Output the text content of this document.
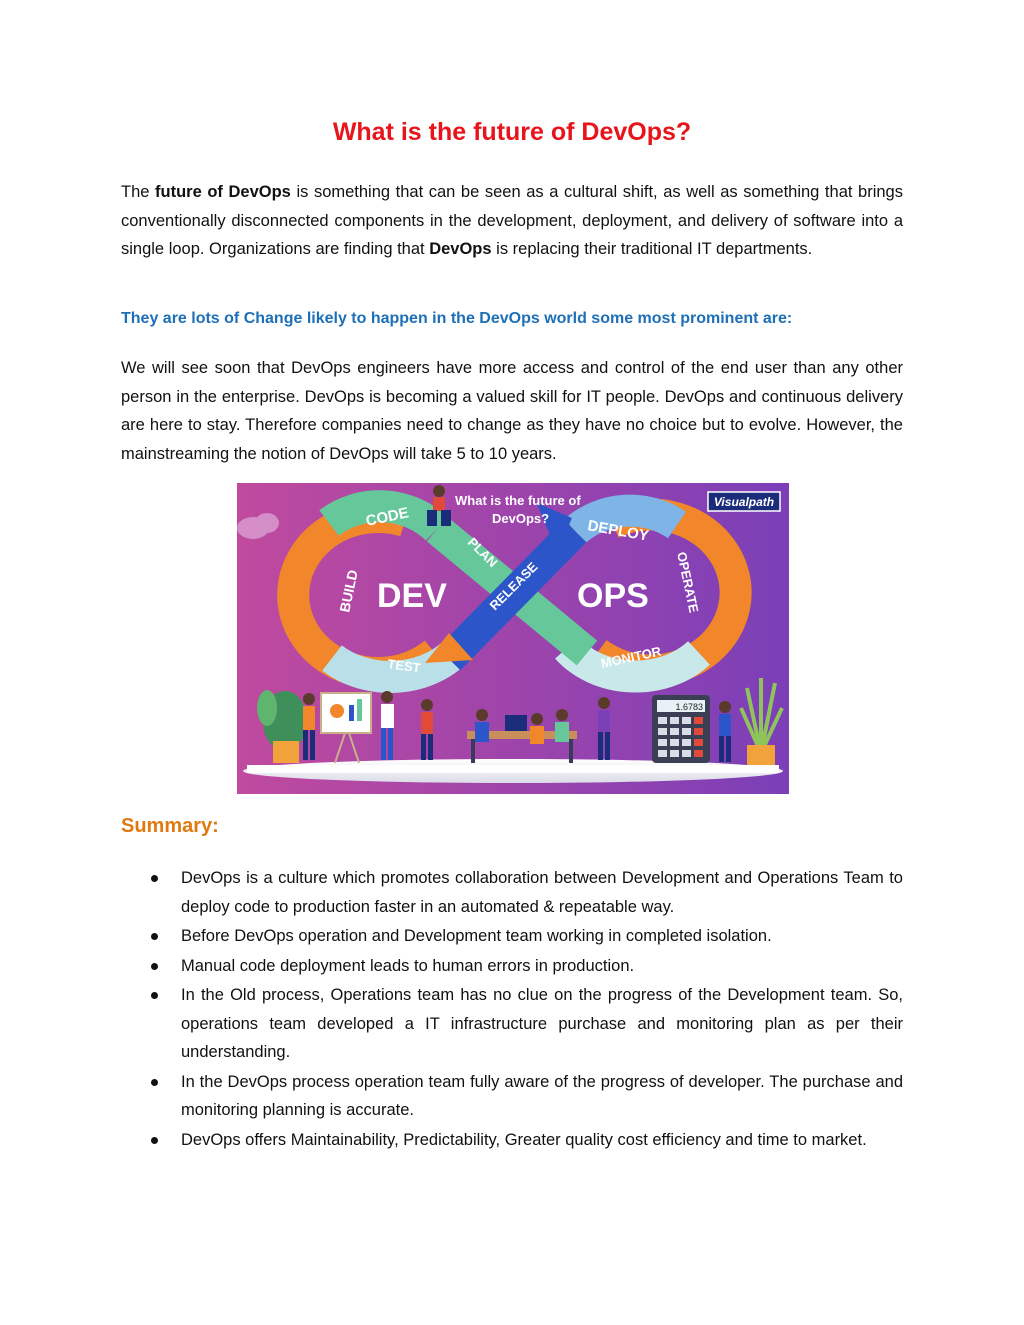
What is the future of DevOps?

The future of DevOps is something that can be seen as a cultural shift, as well as something that brings conventionally disconnected components in the development, deployment, and delivery of software into a single loop. Organizations are finding that DevOps is replacing their traditional IT departments.

They are lots of Change likely to happen in the DevOps world some most prominent are:

We will see soon that DevOps engineers have more access and control of the end user than any other person in the enterprise. DevOps is becoming a valued skill for IT people. DevOps and continuous delivery are here to stay. Therefore companies need to change as they have no choice but to evolve. However, the mainstreaming the notion of DevOps will take 5 to 10 years.

CODE
BUILD
TEST
PLAN
RELEASE
DEPLOY
OPERATE
MONITOR
DEV	OPS
What is the future of
DevOps?
Visualpath
1.6783
Summary:
DevOps is a culture which promotes collaboration between Development and Operations Team to deploy code to production faster in an automated & repeatable way.
Before DevOps operation and Development team working in completed isolation.
Manual code deployment leads to human errors in production.
In the Old process, Operations team has no clue on the progress of the Development team. So, operations team developed a IT infrastructure purchase and monitoring plan as per their understanding.
In the DevOps process operation team fully aware of the progress of developer. The purchase and monitoring planning is accurate.
DevOps offers Maintainability, Predictability, Greater quality cost efficiency and time to market.
